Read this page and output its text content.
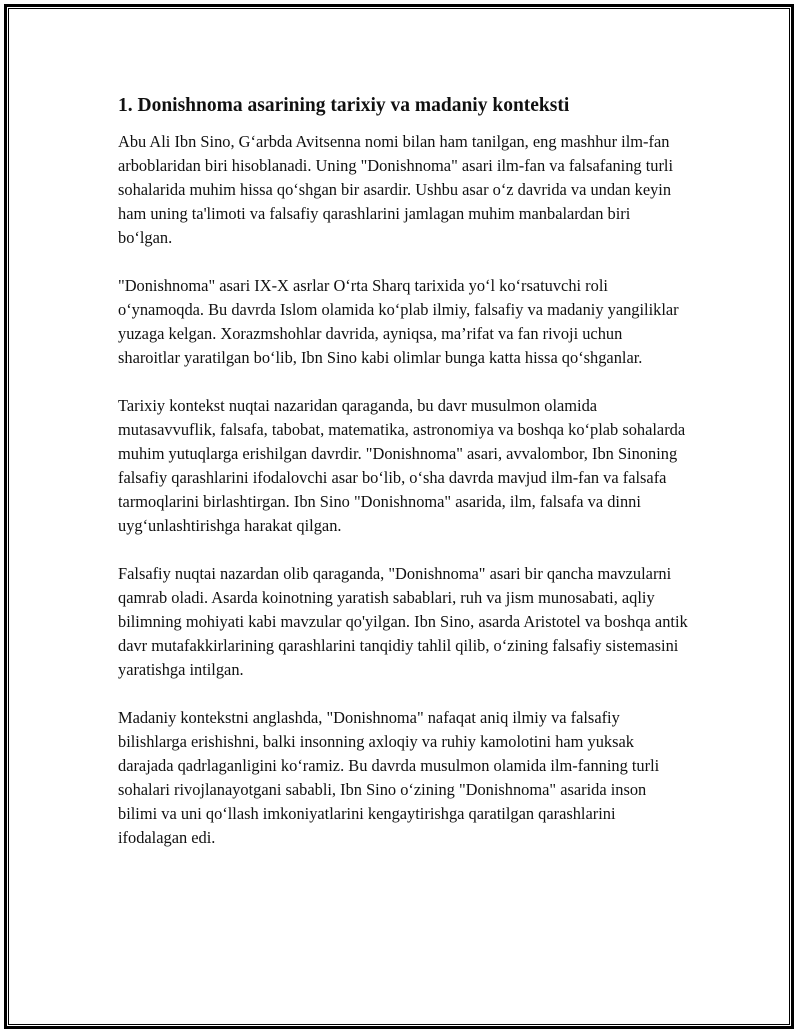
1. Donishnoma asarining tarixiy va madaniy konteksti

Abu Ali Ibn Sino, G‘arbda Avitsenna nomi bilan ham tanilgan, eng mashhur ilm-fan arboblaridan biri hisoblanadi. Uning "Donishnoma" asari ilm-fan va falsafaning turli sohalarida muhim hissa qo‘shgan bir asardir. Ushbu asar o‘z davrida va undan keyin ham uning ta'limoti va falsafiy qarashlarini jamlagan muhim manbalardan biri bo‘lgan.

"Donishnoma" asari IX-X asrlar O‘rta Sharq tarixida yo‘l ko‘rsatuvchi roli o‘ynamoqda. Bu davrda Islom olamida ko‘plab ilmiy, falsafiy va madaniy yangiliklar yuzaga kelgan. Xorazmshohlar davrida, ayniqsa, ma’rifat va fan rivoji uchun sharoitlar yaratilgan bo‘lib, Ibn Sino kabi olimlar bunga katta hissa qo‘shganlar.

Tarixiy kontekst nuqtai nazaridan qaraganda, bu davr musulmon olamida mutasavvuflik, falsafa, tabobat, matematika, astronomiya va boshqa ko‘plab sohalarda muhim yutuqlarga erishilgan davrdir. "Donishnoma" asari, avvalombor, Ibn Sinoning falsafiy qarashlarini ifodalovchi asar bo‘lib, o‘sha davrda mavjud ilm-fan va falsafa tarmoqlarini birlashtirgan. Ibn Sino "Donishnoma" asarida, ilm, falsafa va dinni uyg‘unlashtirishga harakat qilgan.

Falsafiy nuqtai nazardan olib qaraganda, "Donishnoma" asari bir qancha mavzularni qamrab oladi. Asarda koinotning yaratish sabablari, ruh va jism munosabati, aqliy bilimning mohiyati kabi mavzular qo'yilgan. Ibn Sino, asarda Aristotel va boshqa antik davr mutafakkirlarining qarashlarini tanqidiy tahlil qilib, o‘zining falsafiy sistemasini yaratishga intilgan.

Madaniy kontekstni anglashda, "Donishnoma" nafaqat aniq ilmiy va falsafiy bilishlarga erishishni, balki insonning axloqiy va ruhiy kamolotini ham yuksak darajada qadrlaganligini ko‘ramiz. Bu davrda musulmon olamida ilm-fanning turli sohalari rivojlanayotgani sababli, Ibn Sino o‘zining "Donishnoma" asarida inson bilimi va uni qo‘llash imkoniyatlarini kengaytirishga qaratilgan qarashlarini ifodalagan edi.
